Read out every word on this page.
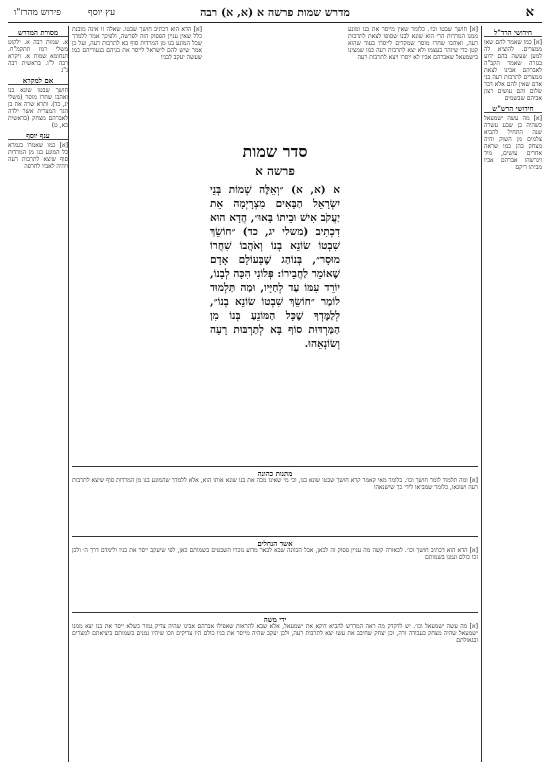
א
מדרש שמות פרשה א (א, א) רבה
עץ יוסף
פירוש מהרז"ו
חידושי הרד"ל
[א] כמו שאמר להם שאו ממצרים. להוציא לה למען שעשה בהם ידוע בגזרה שאמר הקב"ה לאברהם אבינו לצאת ממצרים לתרבות רעה בני אדם שאין להם אלא דבר שלום והם עושים רצון אביהם שבשמים
חידושי הרש"ש
[א] מה עשה ישמעאל כשהיה בן שבע עשרה שנה התחיל להביא צלמים מן השוק והיה מצחק בהן כמו שראה אחרים עושים, מיד ויגרשהו אברהם אביו מביתו ריקם
מסורת המדרש
א. שמות רבה א. ילקוט משלי רמז תתקמ"ח. תנחומא שמות א. ויקרא רבה ל"ו. בראשית רבה נ"ג
אם למקרא
חושך שבטו שונא בנו ואהבו שחרו מוסר (משלי יג, כד). ותרא שרה את בן הגר המצרית אשר ילדה לאברהם מצחק (בראשית כא, ט)
ענף יוסף
[א] כמו שאמרו בגמרא כל המונע בנו מן המרדות סוף שיצא לתרבות רעה ויהיה לאביו לחרפה
[א] חושך שבטו וכו׳. כלומר שאין מייסר את בנו ומונע ממנו המרדות הרי הוא שונא לבנו שסופו לצאת לתרבות רעה, ואוהבו שחרו מוסר שמקדים לייסרו בעוד שהוא קטן כדי שיזהר בעצמו ולא יצא לתרבות רעה כמו שמצינו בישמעאל שאברהם אביו לא ייסרו ויצא לתרבות רעה
[א] הדא הוא דכתיב חושך שבטו. שאלה זו אינה מובנת כלל שאין עניין הפסוק הזה לפרשה, ולפיכך אמר ללמדך שכל המונע בנו מן המרדות סוף בא לתרבות רעה, ועל כן אמר שיש להם לישראל לייסר את בניהם בנעוריהם כמו שעשה יעקב לבניו
סדר שמות
פרשה א
א (א, א) ״וְאֵלֶּה שְׁמוֹת בְּנֵי יִשְׂרָאֵל הַבָּאִים מִצְרָיְמָה אֵת יַעֲקֹב אִישׁ וּבֵיתוֹ בָּאוּ״, הֲדָא הוּא דִכְתִיב (משלי יג, כד) ״חוֹשֵׂךְ שִׁבְטוֹ שׂוֹנֵא בְנוֹ וְאֹהֲבוֹ שִׁחֲרוֹ מוּסָר״, בְּנוֹהַג שֶׁבָּעוֹלָם אָדָם שֶׁאוֹמֵר לַחֲבֵירוֹ: פְּלוֹנִי הִכָּה לְבָנוֹ, יוֹרֵד עִמּוֹ עַד לְחַיָּיו, וּמַה תַּלְמוּד לוֹמַר ״חוֹשֵׂךְ שִׁבְטוֹ שׂוֹנֵא בְנוֹ״, לְלַמֶּדְךָ שֶׁכָּל הַמּוֹנֵעַ בְּנוֹ מִן הַמַּרְדּוּת סוֹף בָּא לְתַרְבּוּת רָעָה וְשׂוֹנְאֵהוּ.
מתנות כהונה
[א] ומה תלמוד לומר חושך וכו׳. כלומר מאי קאמר קרא חושך שבטו שונא בנו, וכי מי שאינו מכה את בנו שונא אותו הוא, אלא ללמדך שהמונע בנו מן המרדות סוף שיצא לתרבות רעה ושונאו, כלומר שמביאו לידי כך שישנאהו
אשד הנחלים
[א] הדא הוא דכתיב חושך וכו׳. לכאורה קשה מה עניין פסוק זה לכאן, אבל הכוונה שבא לבאר מדוע נזכרו השבטים בשמותם כאן, לפי שיעקב ייסר את בניו ולימדם דרך ה׳ ולכן זכו כולם ונמנו בשמותם
ידי משה
[א] מה עשה ישמעאל וכו׳. יש לדקדק מה ראה המדרש להביא דוקא את ישמעאל, אלא שבא להראות שאפילו אברהם אבינו שהיה צדיק גמור כשלא ייסר את בנו יצא ממנו ישמעאל שהיה מצחק בעבודה זרה, וכן יצחק שחיבב את עשו יצא לתרבות רעה, ולכן יעקב שהיה מייסר את בניו כולם היו צדיקים וזכו שיהיו נמנים בשמותם ביציאתם למצרים ובגאולתם
